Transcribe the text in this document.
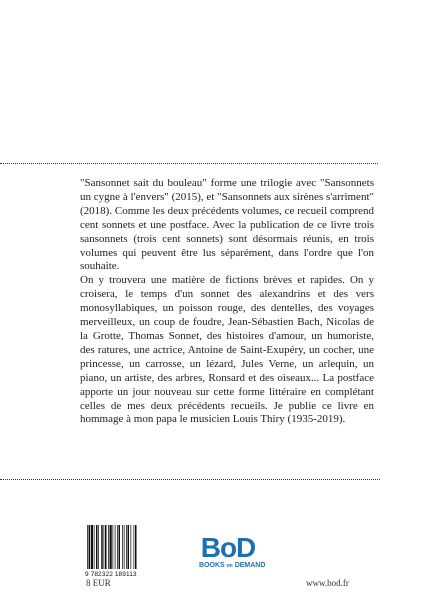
"Sansonnet sait du bouleau" forme une trilogie avec "Sansonnets un cygne à l'envers" (2015), et "Sansonnets aux sirènes s'arriment" (2018). Comme les deux précédents volumes, ce recueil comprend cent sonnets et une postface. Avec la publication de ce livre trois sansonnets (trois cent sonnets) sont désormais réunis, en trois volumes qui peuvent être lus séparément, dans l'ordre que l'on souhaite.

On y trouvera une matière de fictions brèves et rapides. On y croisera, le temps d'un sonnet des alexandrins et des vers monosyllabiques, un poisson rouge, des dentelles, des voyages merveilleux, un coup de foudre, Jean-Sébastien Bach, Nicolas de la Grotte, Thomas Sonnet, des histoires d'amour, un humoriste, des ratures, une actrice, Antoine de Saint-Exupéry, un cocher, une princesse, un carrosse, un lézard, Jules Verne, un arlequin, un piano, un artiste, des arbres, Ronsard et des oiseaux... La postface apporte un jour nouveau sur cette forme littéraire en complétant celles de mes deux précédents recueils. Je publie ce livre en hommage à mon papa le musicien Louis Thiry (1935-2019).

9 782322 189113
8 EUR
BoD
BOOKS on DEMAND
www.bod.fr
